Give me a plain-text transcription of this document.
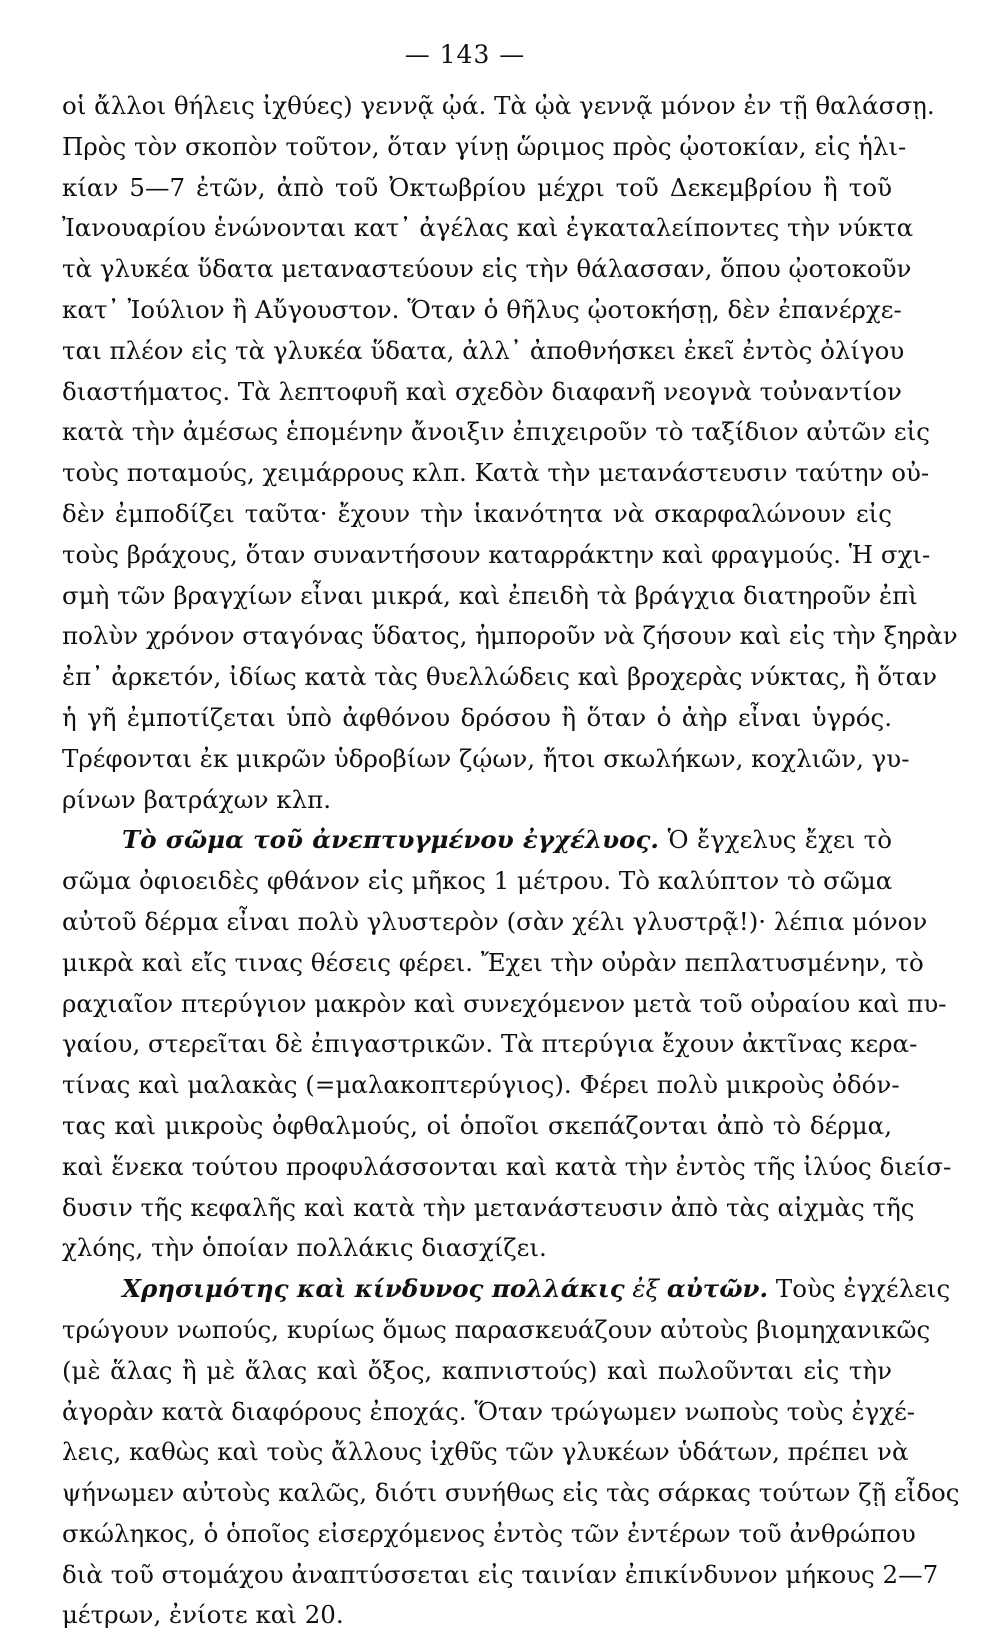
— 143 —
οἱ ἄλλοι θήλεις ἰχθύες) γεννᾷ ᾠά. Τὰ ᾠὰ γεννᾷ μόνον ἐν τῇ θαλάσσῃ.
Πρὸς τὸν σκοπὸν τοῦτον, ὅταν γίνῃ ὥριμος πρὸς ᾠοτοκίαν, εἰς ἡλι-
κίαν 5—7 ἐτῶν, ἀπὸ τοῦ Ὀκτωβρίου μέχρι τοῦ Δεκεμβρίου ἢ τοῦ
Ἰανουαρίου ἑνώνονται κατ᾽ ἀγέλας καὶ ἐγκαταλείποντες τὴν νύκτα
τὰ γλυκέα ὕδατα μεταναστεύουν εἰς τὴν θάλασσαν, ὅπου ᾠοτοκοῦν
κατ᾽ Ἰούλιον ἢ Αὔγουστον. Ὅταν ὁ θῆλυς ᾠοτοκήσῃ, δὲν ἐπανέρχε-
ται πλέον εἰς τὰ γλυκέα ὕδατα, ἀλλ᾽ ἀποθνήσκει ἐκεῖ ἐντὸς ὀλίγου
διαστήματος. Τὰ λεπτοφυῆ καὶ σχεδὸν διαφανῆ νεογνὰ τοὐναντίον
κατὰ τὴν ἀμέσως ἑπομένην ἄνοιξιν ἐπιχειροῦν τὸ ταξίδιον αὐτῶν εἰς
τοὺς ποταμούς, χειμάρρους κλπ. Κατὰ τὴν μετανάστευσιν ταύτην οὐ-
δὲν ἐμποδίζει ταῦτα· ἔχουν τὴν ἱκανότητα νὰ σκαρφαλώνουν εἰς
τοὺς βράχους, ὅταν συναντήσουν καταρράκτην καὶ φραγμούς. Ἡ σχι-
σμὴ τῶν βραγχίων εἶναι μικρά, καὶ ἐπειδὴ τὰ βράγχια διατηροῦν ἐπὶ
πολὺν χρόνον σταγόνας ὕδατος, ἠμποροῦν νὰ ζήσουν καὶ εἰς τὴν ξηρὰν
ἐπ᾽ ἀρκετόν, ἰδίως κατὰ τὰς θυελλώδεις καὶ βροχερὰς νύκτας, ἢ ὅταν
ἡ γῆ ἐμποτίζεται ὑπὸ ἀφθόνου δρόσου ἢ ὅταν ὁ ἀὴρ εἶναι ὑγρός.
Τρέφονται ἐκ μικρῶν ὑδροβίων ζῴων, ἤτοι σκωλήκων, κοχλιῶν, γυ-
ρίνων βατράχων κλπ.
Τὸ σῶμα τοῦ ἀνεπτυγμένου ἐγχέλυος. Ὁ ἔγχελυς ἔχει τὸ
σῶμα ὀφιοειδὲς φθάνον εἰς μῆκος 1 μέτρου. Τὸ καλύπτον τὸ σῶμα
αὐτοῦ δέρμα εἶναι πολὺ γλυστερὸν (σὰν χέλι γλυστρᾷ!)· λέπια μόνον
μικρὰ καὶ εἴς τινας θέσεις φέρει. Ἔχει τὴν οὐρὰν πεπλατυσμένην, τὸ
ραχιαῖον πτερύγιον μακρὸν καὶ συνεχόμενον μετὰ τοῦ οὐραίου καὶ πυ-
γαίου, στερεῖται δὲ ἐπιγαστρικῶν. Τὰ πτερύγια ἔχουν ἀκτῖνας κερα-
τίνας καὶ μαλακὰς (=μαλακοπτερύγιος). Φέρει πολὺ μικροὺς ὀδόν-
τας καὶ μικροὺς ὀφθαλμούς, οἱ ὁποῖοι σκεπάζονται ἀπὸ τὸ δέρμα,
καὶ ἕνεκα τούτου προφυλάσσονται καὶ κατὰ τὴν ἐντὸς τῆς ἰλύος διείσ-
δυσιν τῆς κεφαλῆς καὶ κατὰ τὴν μετανάστευσιν ἀπὸ τὰς αἰχμὰς τῆς
χλόης, τὴν ὁποίαν πολλάκις διασχίζει.
Χρησιμότης καὶ κίνδυνος πολλάκις ἐξ αὐτῶν. Τοὺς ἐγχέλεις
τρώγουν νωπούς, κυρίως ὅμως παρασκευάζουν αὐτοὺς βιομηχανικῶς
(μὲ ἅλας ἢ μὲ ἅλας καὶ ὄξος, καπνιστούς) καὶ πωλοῦνται εἰς τὴν
ἀγορὰν κατὰ διαφόρους ἐποχάς. Ὅταν τρώγωμεν νωποὺς τοὺς ἐγχέ-
λεις, καθὼς καὶ τοὺς ἄλλους ἰχθῦς τῶν γλυκέων ὑδάτων, πρέπει νὰ
ψήνωμεν αὐτοὺς καλῶς, διότι συνήθως εἰς τὰς σάρκας τούτων ζῇ εἶδος
σκώληκος, ὁ ὁποῖος εἰσερχόμενος ἐντὸς τῶν ἐντέρων τοῦ ἀνθρώπου
διὰ τοῦ στομάχου ἀναπτύσσεται εἰς ταινίαν ἐπικίνδυνον μήκους 2—7
μέτρων, ἐνίοτε καὶ 20.
